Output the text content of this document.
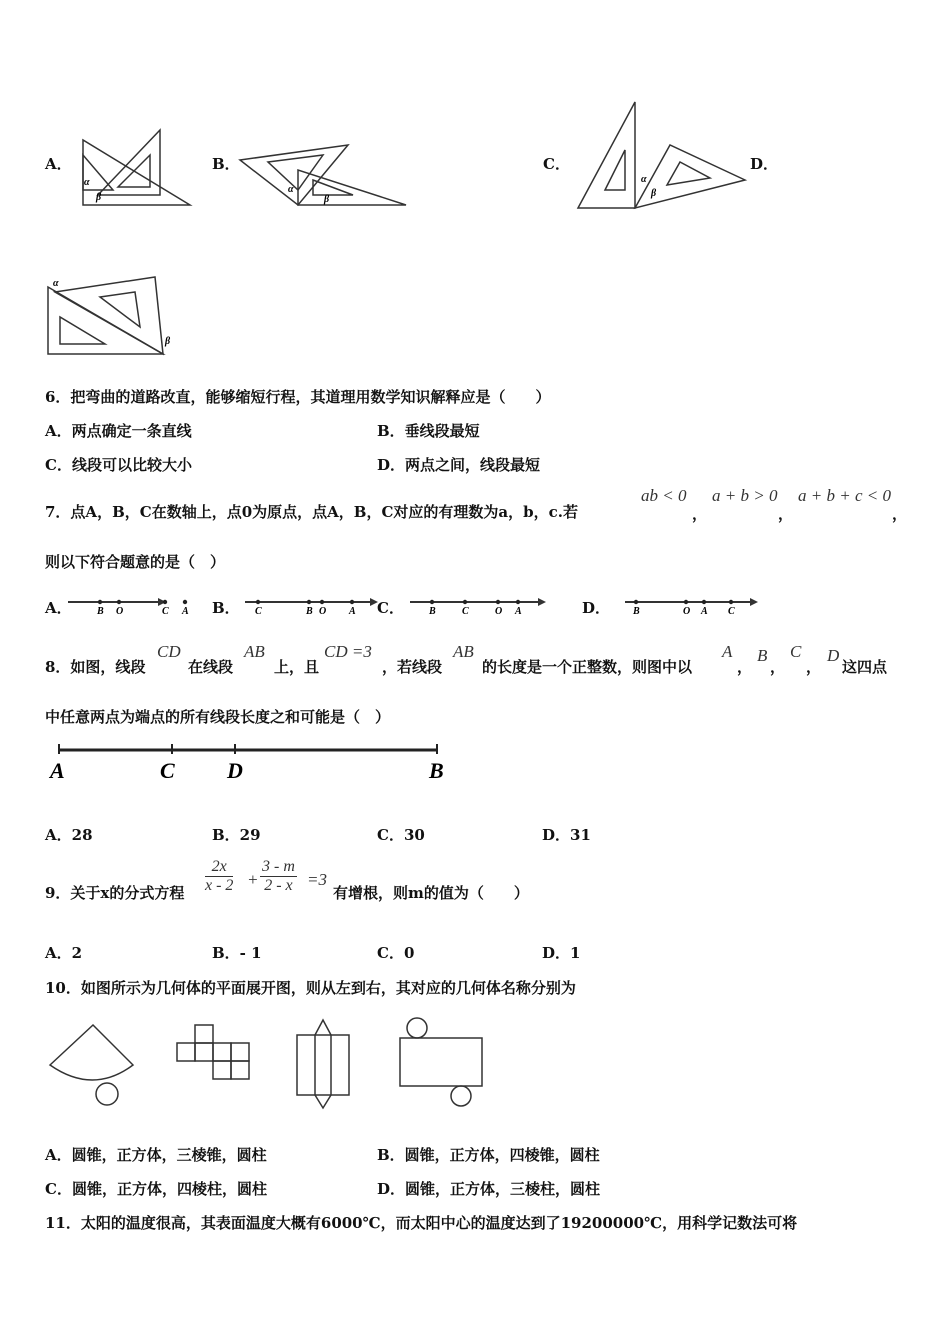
A．
α
β
B．
α
β
C．
α
β
D．
α
β
6．把弯曲的道路改直，能够缩短行程，其道理用数学知识解释应是（　　）
A．两点确定一条直线	B．垂线段最短
C．线段可以比较大小	D．两点之间，线段最短
7．点A，B，C在数轴上，点0为原点，点A，B，C对应的有理数为a，b，c.若
ab < 0
，
a + b > 0
，
a + b + c < 0
，
则以下符合题意的是（　）
A．	B．	C．	D．
B O	C A	C	B O A	B	C	O A	B	O A C
8．如图，线段
CD
在线段
AB
上，且
CD =3
，若线段
AB
的长度是一个正整数，则图中以
A
，
B
，
C
，
D
这四点
中任意两点为端点的所有线段长度之和可能是（　）
A	C D	B
A．28	B．29	C．30	D．31
9．关于x的分式方程 $\frac{2x}{x - 2} + \frac{3 - m}{2 - x} =3$
有增根，则m的值为（　　）
A．2	B．- 1	C．0	D．1
10．如图所示为几何体的平面展开图，则从左到右，其对应的几何体名称分别为
A．圆锥，正方体，三棱锥，圆柱	B．圆锥，正方体，四棱锥，圆柱
C．圆锥，正方体，四棱柱，圆柱	D．圆锥，正方体，三棱柱，圆柱
11．太阳的温度很高，其表面温度大概有6000℃，而太阳中心的温度达到了19200000℃，用科学记数法可将
